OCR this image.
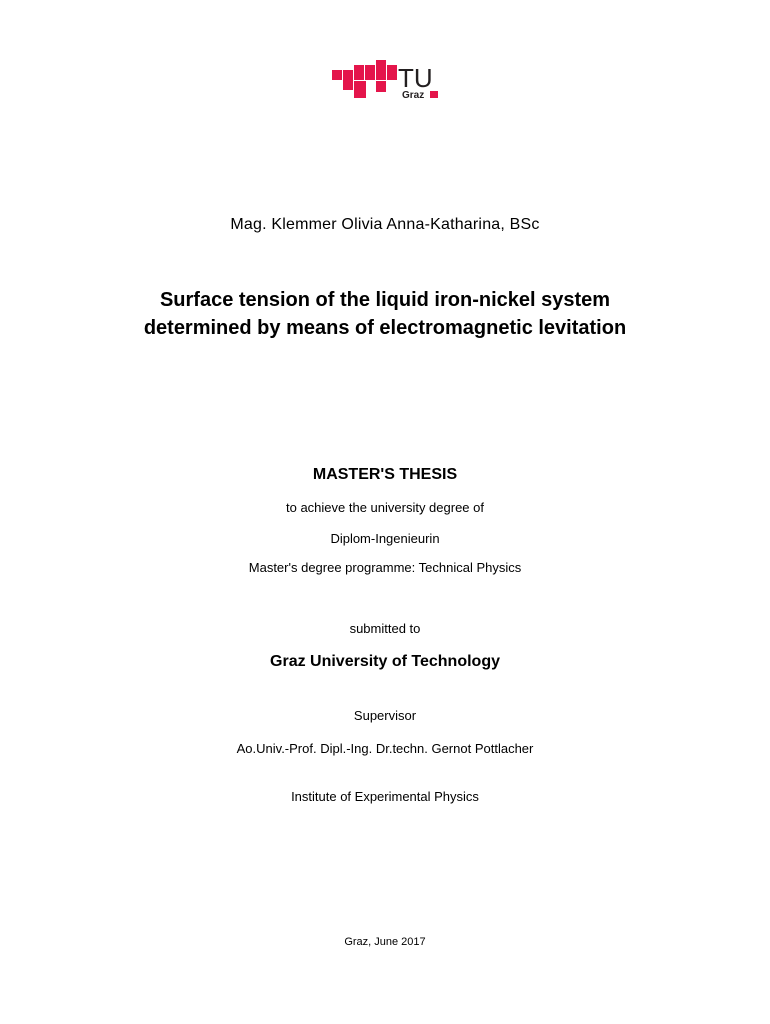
TU
Graz
Mag. Klemmer Olivia Anna-Katharina, BSc
Surface tension of the liquid iron-nickel system
determined by means of electromagnetic levitation
MASTER'S THESIS
to achieve the university degree of
Diplom-Ingenieurin
Master's degree programme: Technical Physics
submitted to
Graz University of Technology
Supervisor
Ao.Univ.-Prof. Dipl.-Ing. Dr.techn. Gernot Pottlacher
Institute of Experimental Physics
Graz, June 2017
